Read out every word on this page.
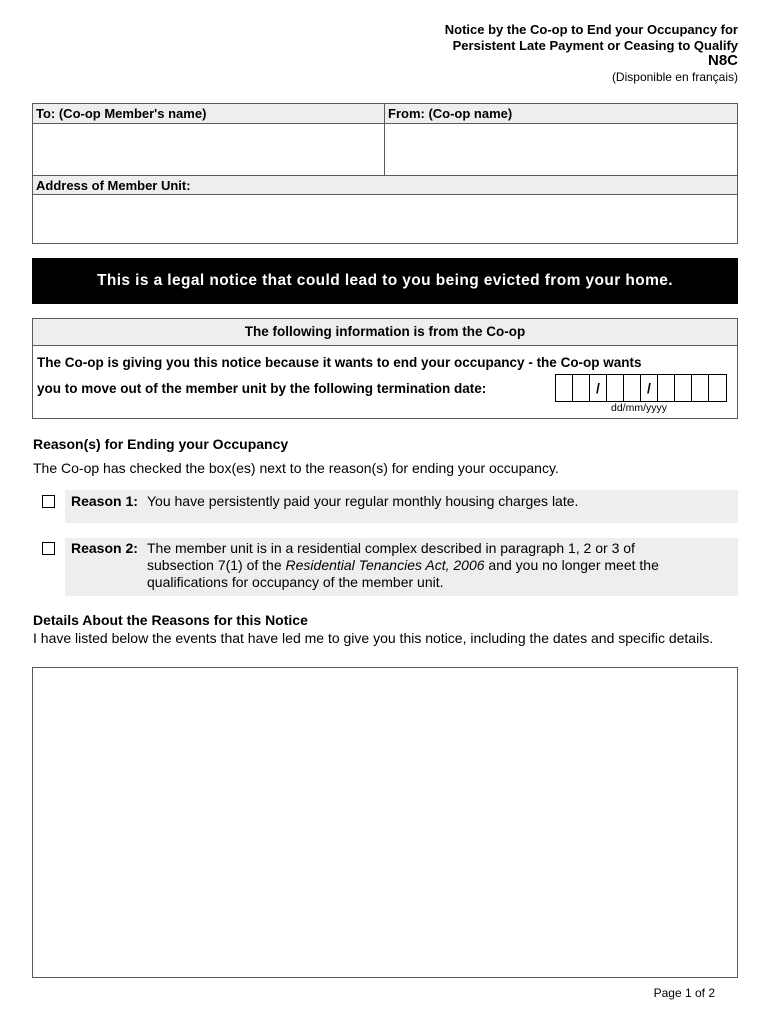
Notice by the Co-op to End your Occupancy for
Persistent Late Payment or Ceasing to Qualify
N8C
(Disponible en français)
To: (Co-op Member's name)	From: (Co-op name)
Address of Member Unit:
This is a legal notice that could lead to you being evicted from your home.
The following information is from the Co-op
The Co-op is giving you this notice because it wants to end your occupancy - the Co-op wants
you to move out of the member unit by the following termination date:	/	/
dd/mm/yyyy
Reason(s) for Ending your Occupancy
The Co-op has checked the box(es) next to the reason(s) for ending your occupancy.
Reason 1: You have persistently paid your regular monthly housing charges late.
Reason 2: The member unit is in a residential complex described in paragraph 1, 2 or 3 of
subsection 7(1) of the Residential Tenancies Act, 2006 and you no longer meet the
qualifications for occupancy of the member unit.
Details About the Reasons for this Notice
I have listed below the events that have led me to give you this notice, including the dates and specific details.
Page 1 of 2
